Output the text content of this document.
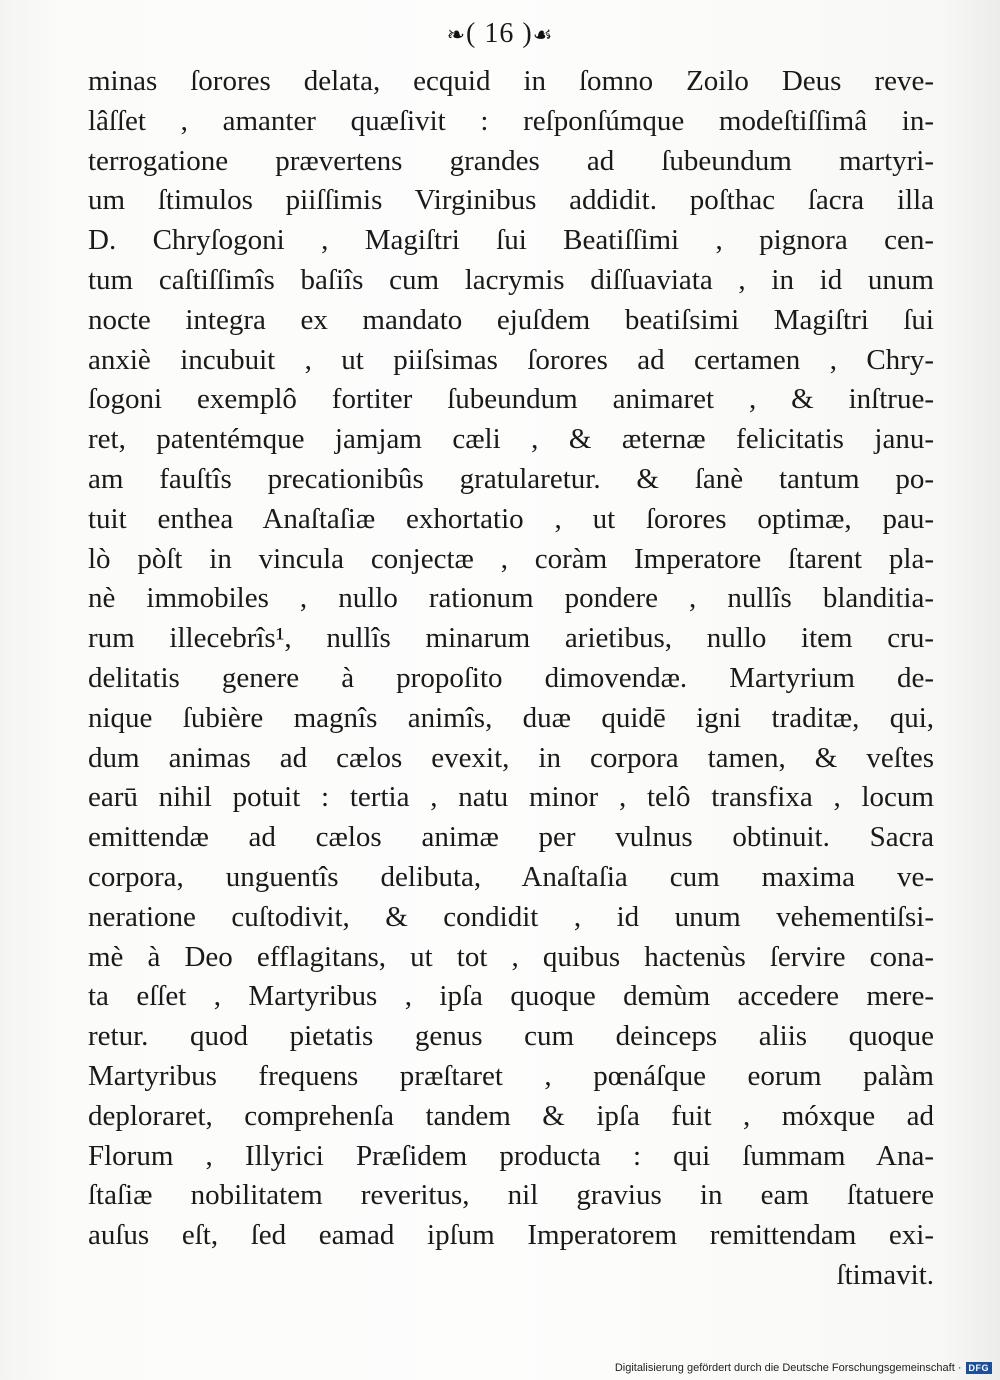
❧( 16 )☙
minas ſorores delata, ecquid in ſomno Zoilo Deus reve-
lâſſet , amanter quæſivit : reſponſúmque modeſtiſſimâ in-
terrogatione prævertens grandes ad ſubeundum martyri-
um ſtimulos piiſſimis Virginibus addidit. poſthac ſacra illa
D. Chryſogoni , Magiſtri ſui Beatiſſimi , pignora cen-
tum caſtiſſimîs baſiîs cum lacrymis diſſuaviata , in id unum
nocte integra ex mandato ejuſdem beatiſsimi Magiſtri ſui
anxiè incubuit , ut piiſsimas ſorores ad certamen , Chry-
ſogoni exemplô fortiter ſubeundum animaret , & inſtrue-
ret, patentémque jamjam cæli , & æternæ felicitatis janu-
am fauſtîs precationibûs gratularetur. & ſanè tantum po-
tuit enthea Anaſtaſiæ exhortatio , ut ſorores optimæ, pau-
lò pòſt in vincula conjectæ , coràm Imperatore ſtarent pla-
nè immobiles , nullo rationum pondere , nullîs blanditia-
rum illecebrîs¹, nullîs minarum arietibus, nullo item cru-
delitatis genere à propoſito dimovendæ. Martyrium de-
nique ſubière magnîs animîs, duæ quidē igni traditæ, qui,
dum animas ad cælos evexit, in corpora tamen, & veſtes
earū nihil potuit : tertia , natu minor , telô transfixa , locum
emittendæ ad cælos animæ per vulnus obtinuit. Sacra
corpora, unguentîs delibuta, Anaſtaſia cum maxima ve-
neratione cuſtodivit, & condidit , id unum vehementiſsi-
mè à Deo efflagitans, ut tot , quibus hactenùs ſervire cona-
ta eſſet , Martyribus , ipſa quoque demùm accedere mere-
retur. quod pietatis genus cum deinceps aliis quoque
Martyribus frequens præſtaret , pœnáſque eorum palàm
deploraret, comprehenſa tandem & ipſa fuit , móxque ad
Florum , Illyrici Præſidem producta : qui ſummam Ana-
ſtaſiæ nobilitatem reveritus, nil gravius in eam ſtatuere
auſus eſt, ſed eamad ipſum Imperatorem remittendam exi-
ſtimavit.
Digitalisierung gefördert durch die Deutsche Forschungsgemeinschaft · DFG
